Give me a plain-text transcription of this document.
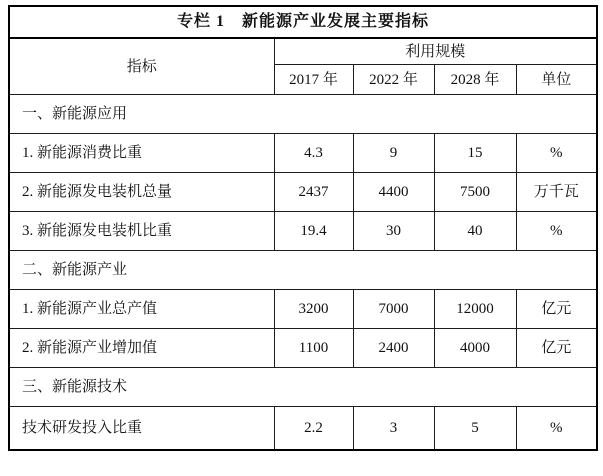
专栏 1　新能源产业发展主要指标				
指标	利用规模			
	2017 年	2022 年	2028 年	单位
一、新能源应用				
1. 新能源消费比重	4.3	9	15	%
2. 新能源发电装机总量	2437	4400	7500	万千瓦
3. 新能源发电装机比重	19.4	30	40	%
二、新能源产业				
1. 新能源产业总产值	3200	7000	12000	亿元
2. 新能源产业增加值	1100	2400	4000	亿元
三、新能源技术				
技术研发投入比重	2.2	3	5	%
